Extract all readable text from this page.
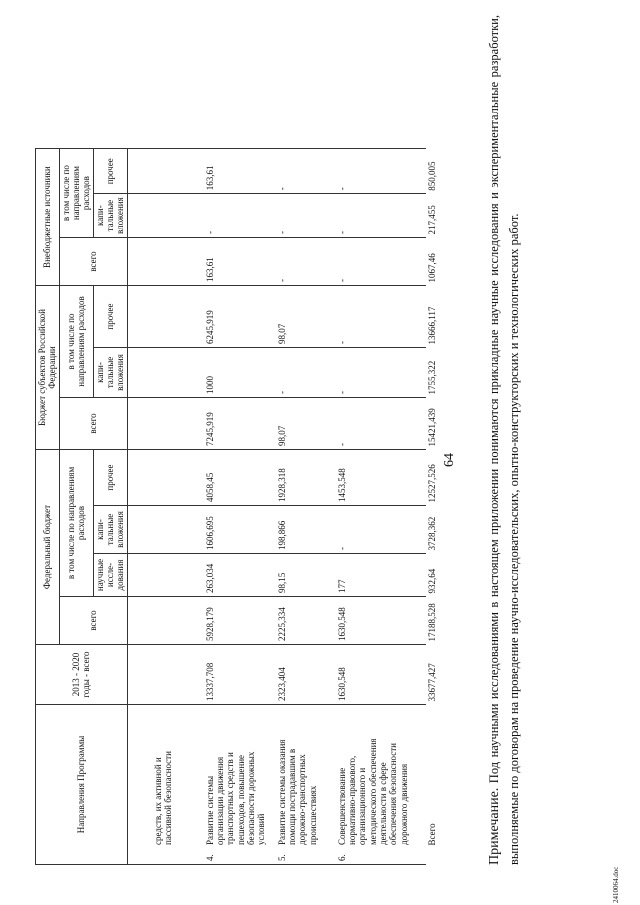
64
Направления Программы	2013 - 2020 годы - всего	Федеральный бюджет				Бюджет субъектов Российской Федерации			Внебюджетные источники		
		всего	в том числе по направлениям расходов			всего	в том числе по направлениям расходов		всего	в том числе по направлениям расходов	
			научные иссле-дования	капи-тальные вложения	прочее		капи-тальные вложения	прочее		капи-тальные вложения	прочее
средств, их активной и пассивной безопасности											
4.Развитие системы организации движения транспортных средств и пешеходов, повышение безопасности дорожных условий	13337,708	5928,179	263,034	1606,695	4058,45	7245,919	1000	6245,919	163,61	-	163,61
5.Развитие системы оказания помощи пострадавшим в дорожно-транспортных происшествиях	2323,404	2225,334	98,15	198,866	1928,318	98,07	-	98,07	-	-	-
6.Совершенствование нормативно-правового, организационного и методического обеспечения деятельности в сфере обеспечения безопасности дорожного движения	1630,548	1630,548	177	-	1453,548	-	-	-	-	-	-
Всего	33677,427	17188,528	932,64	3728,362	12527,526	15421,439	1755,322	13666,117	1067,46	217,455	850,005
Примечание. Под научными исследованиями в настоящем приложении понимаются прикладные научные исследования и экспериментальные разработки, выполняемые по договорам на проведение научно-исследовательских, опытно-конструкторских и технологических работ.
2410064.doc
